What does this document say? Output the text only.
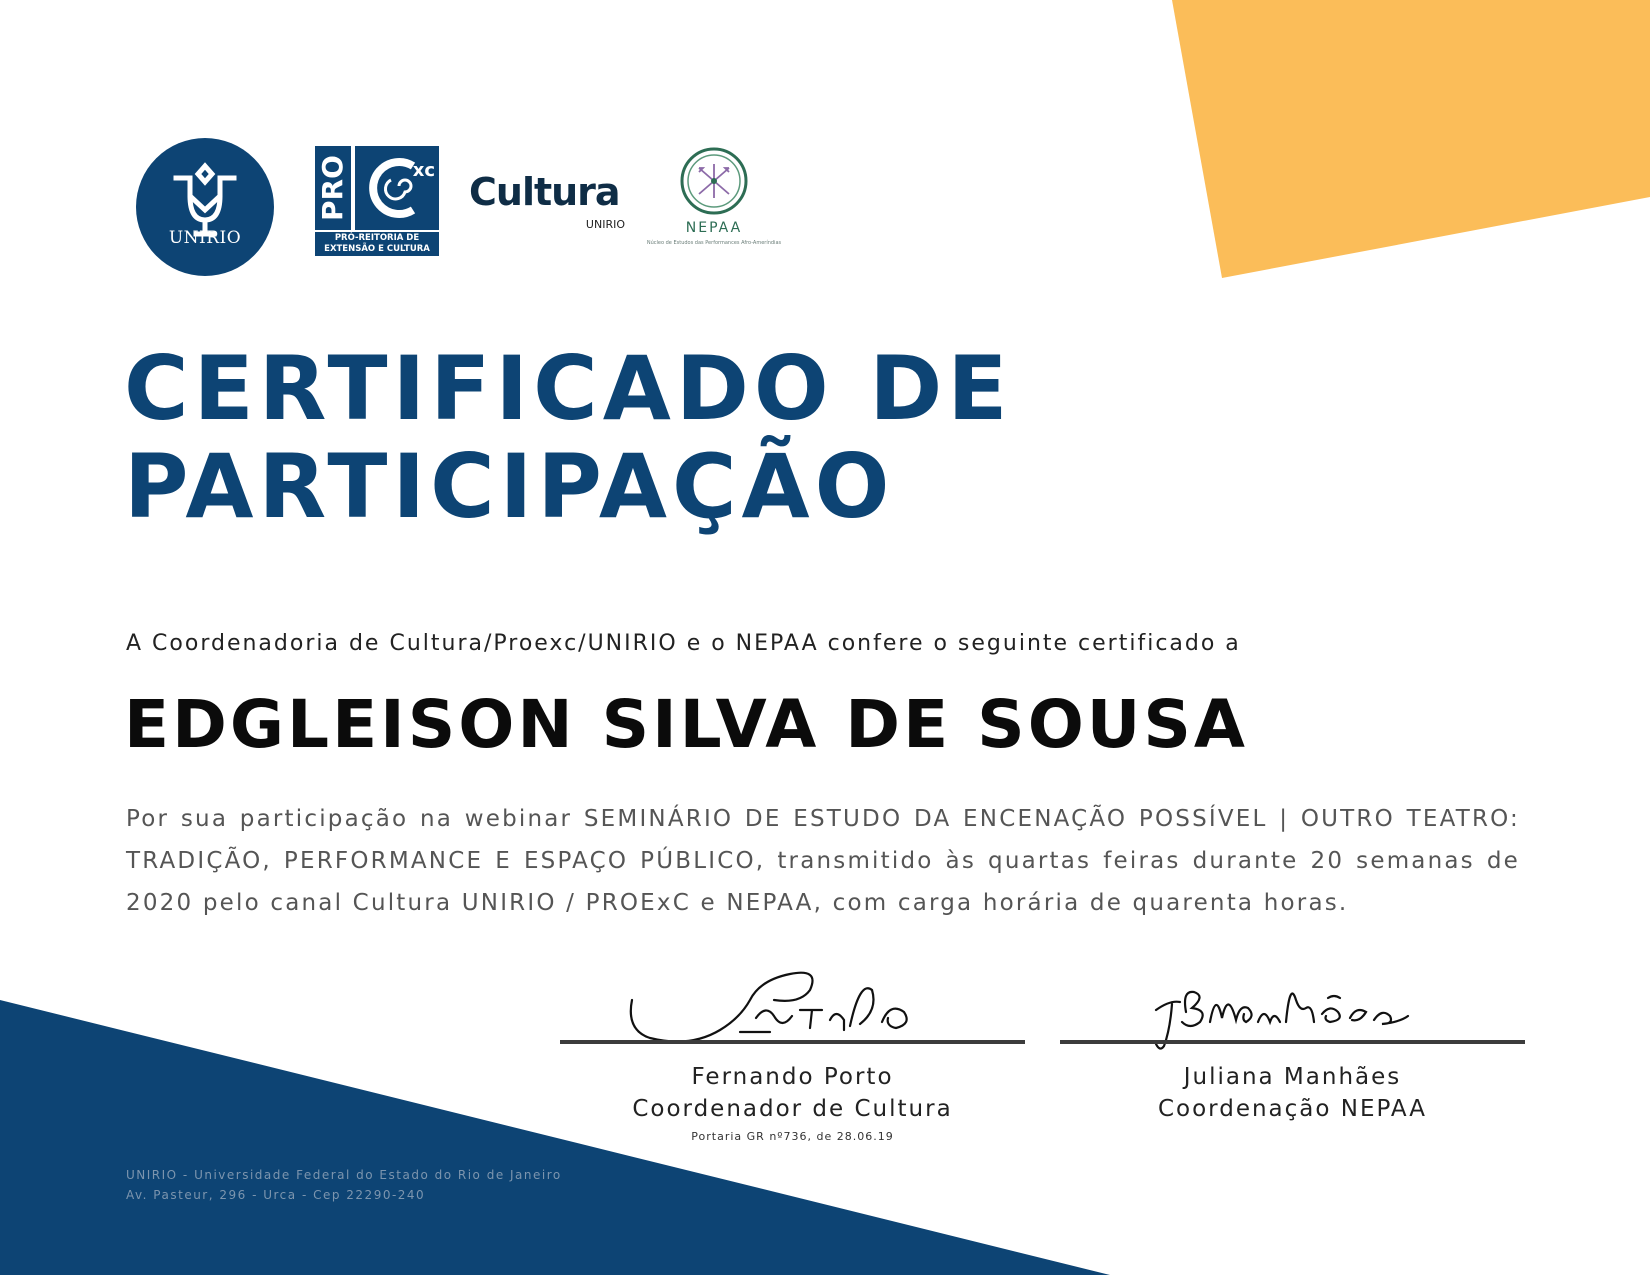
UNIRIO
PRO	xc
PRÓ-REITORIA DE
EXTENSÃO E CULTURA
Cultura
UNIRIO	NEPAA
Núcleo de Estudos das Performances Afro-Ameríndias
CERTIFICADO DE
PARTICIPAÇÃO
A Coordenadoria de Cultura/Proexc/UNIRIO e o NEPAA confere o seguinte certificado a
EDGLEISON SILVA DE SOUSA
Por sua participação na webinar SEMINÁRIO DE ESTUDO DA ENCENAÇÃO POSSÍVEL | OUTRO TEATRO: TRADIÇÃO, PERFORMANCE E ESPAÇO PÚBLICO, transmitido às quartas feiras durante 20 semanas de 2020 pelo canal Cultura UNIRIO / PROExC e NEPAA, com carga horária de quarenta horas.
Fernando Porto
Coordenador de Cultura
Portaria GR nº736, de 28.06.19
Juliana Manhães
Coordenação NEPAA
UNIRIO - Universidade Federal do Estado do Rio de Janeiro
Av. Pasteur, 296 - Urca - Cep 22290-240
